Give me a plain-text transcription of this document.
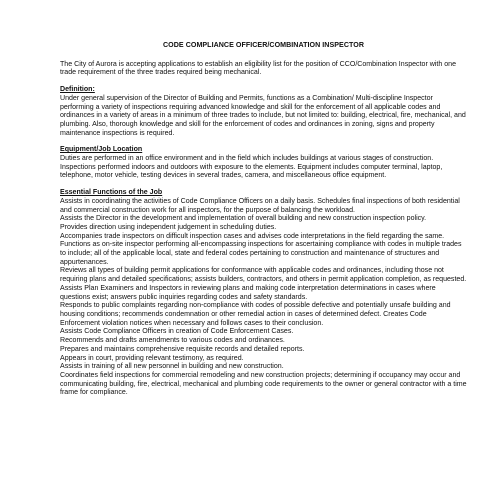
CODE COMPLIANCE OFFICER/COMBINATION INSPECTOR

The City of Aurora is accepting applications to establish an eligibility list for the position of CCO/Combination Inspector with one trade requirement of the three trades required being mechanical.

Definition:

Under general supervision of the Director of Building and Permits, functions as a Combination/ Multi-discipline Inspector performing a variety of inspections requiring advanced knowledge and skill for the enforcement of all applicable codes and ordinances in a variety of areas in a minimum of three trades to include, but not limited to: building, electrical, fire, mechanical, and plumbing. Also, thorough knowledge and skill for the enforcement of codes and ordinances in zoning, signs and property maintenance inspections is required.

Equipment/Job Location

Duties are performed in an office environment and in the field which includes buildings at various stages of construction. Inspections performed indoors and outdoors with exposure to the elements. Equipment includes computer terminal, laptop, telephone, motor vehicle, testing devices in several trades, camera, and miscellaneous office equipment.

Essential Functions of the Job

Assists in coordinating the activities of Code Compliance Officers on a daily basis. Schedules final inspections of both residential and commercial construction work for all inspectors, for the purpose of balancing the workload.

Assists the Director in the development and implementation of overall building and new construction inspection policy.

Provides direction using independent judgement in scheduling duties.

Accompanies trade inspectors on difficult inspection cases and advises code interpretations in the field regarding the same.

Functions as on-site inspector performing all-encompassing inspections for ascertaining compliance with codes in multiple trades to include; all of the applicable local, state and federal codes pertaining to construction and maintenance of structures and appurtenances.

Reviews all types of building permit applications for conformance with applicable codes and ordinances, including those not requiring plans and detailed specifications; assists builders, contractors, and others in permit application completion, as requested.

Assists Plan Examiners and Inspectors in reviewing plans and making code interpretation determinations in cases where questions exist; answers public inquiries regarding codes and safety standards.

Responds to public complaints regarding non-compliance with codes of possible defective and potentially unsafe building and housing conditions; recommends condemnation or other remedial action in cases of determined defect. Creates Code Enforcement violation notices when necessary and follows cases to their conclusion.

Assists Code Compliance Officers in creation of Code Enforcement Cases.

Recommends and drafts amendments to various codes and ordinances.

Prepares and maintains comprehensive requisite records and detailed reports.

Appears in court, providing relevant testimony, as required.

Assists in training of all new personnel in building and new construction.

Coordinates field inspections for commercial remodeling and new construction projects; determining if occupancy may occur and communicating building, fire, electrical, mechanical and plumbing code requirements to the owner or general contractor with a time frame for compliance.
